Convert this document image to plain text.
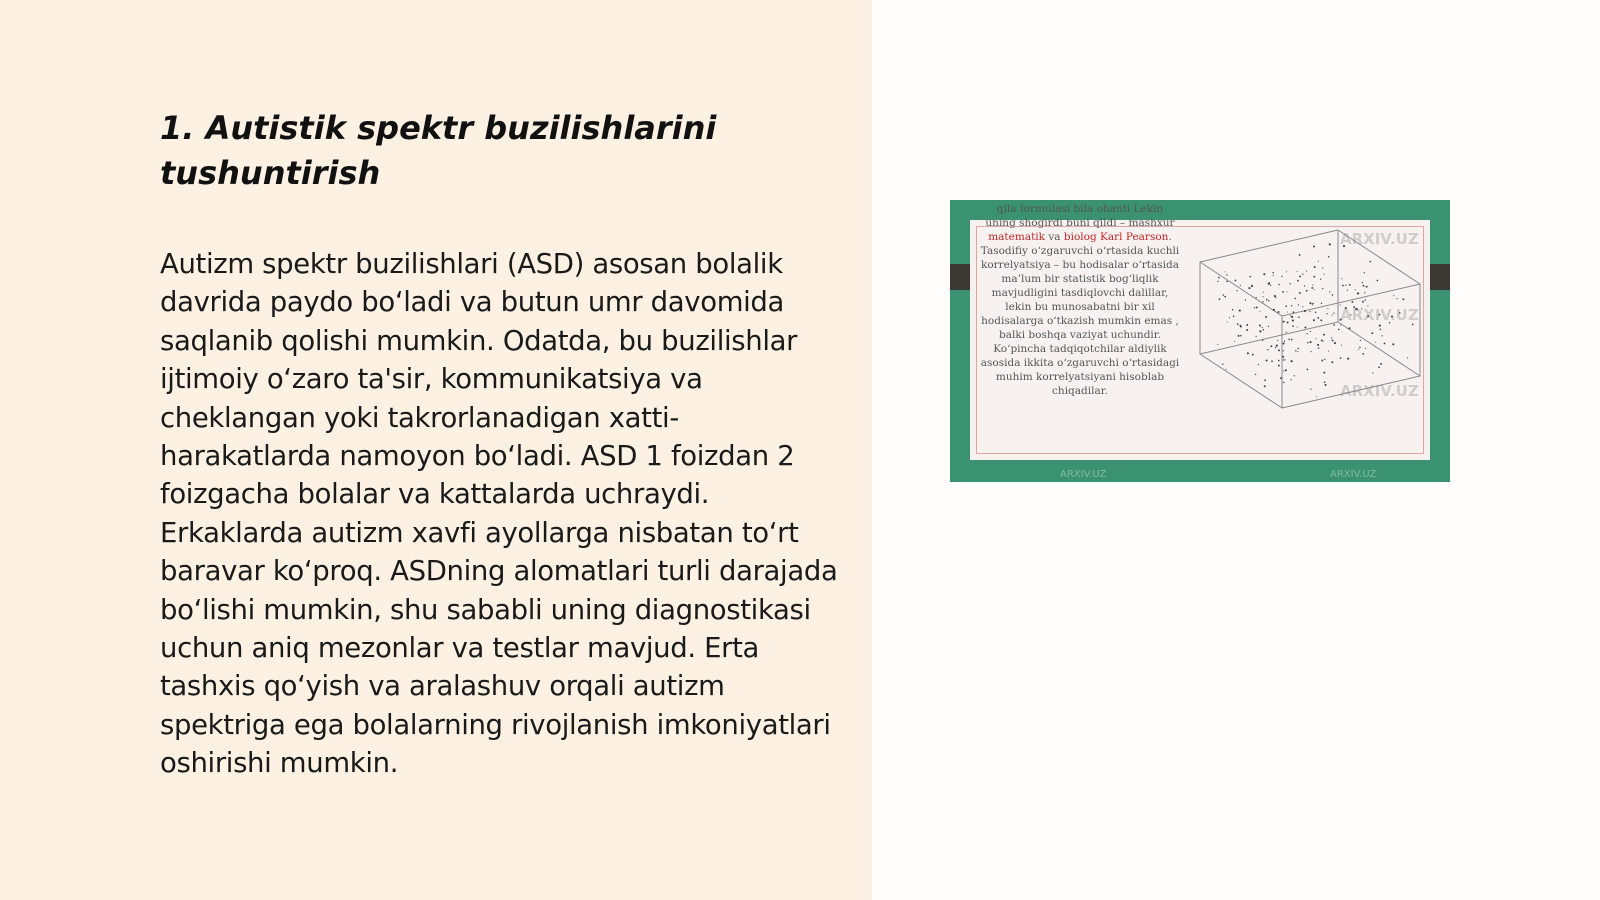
1. Autistik spektr buzilishlarini tushuntirish

Autizm spektr buzilishlari (ASD) asosan bolalik davrida paydo bo‘ladi va butun umr davomida saqlanib qolishi mumkin. Odatda, bu buzilishlar ijtimoiy o‘zaro ta'sir, kommunikatsiya va cheklangan yoki takrorlanadigan xatti-harakatlarda namoyon bo‘ladi. ASD 1 foizdan 2 foizgacha bolalar va kattalarda uchraydi. Erkaklarda autizm xavfi ayollarga nisbatan to‘rt baravar ko‘proq. ASDning alomatlari turli darajada bo‘lishi mumkin, shu sababli uning diagnostikasi uchun aniq mezonlar va testlar mavjud. Erta tashxis qo‘yish va aralashuv orqali autizm spektriga ega bolalarning rivojlanish imkoniyatlari oshirishi mumkin.

qila formulasi bila ohanti Lekin uning shogirdi buni qildi – mashxur matematik va biolog Karl Pearson. Tasodifiy o‘zgaruvchi o‘rtasida kuchli korrelyatsiya – bu hodisalar o‘rtasida ma’lum bir statistik bog‘liqlik mavjudligini tasdiqlovchi dalillar, lekin bu munosabatni bir xil hodisalarga o‘tkazish mumkin emas , balki boshqa vaziyat uchundir. Ko‘pincha tadqiqotchilar aldiylik asosida ikkita o‘zgaruvchi o‘rtasidagi muhim korrelyatsiyani hisoblab chiqadilar.

ARXIV.UZ
ARXIV.UZ
ARXIV.UZ
ARXIV.UZ	ARXIV.UZ
